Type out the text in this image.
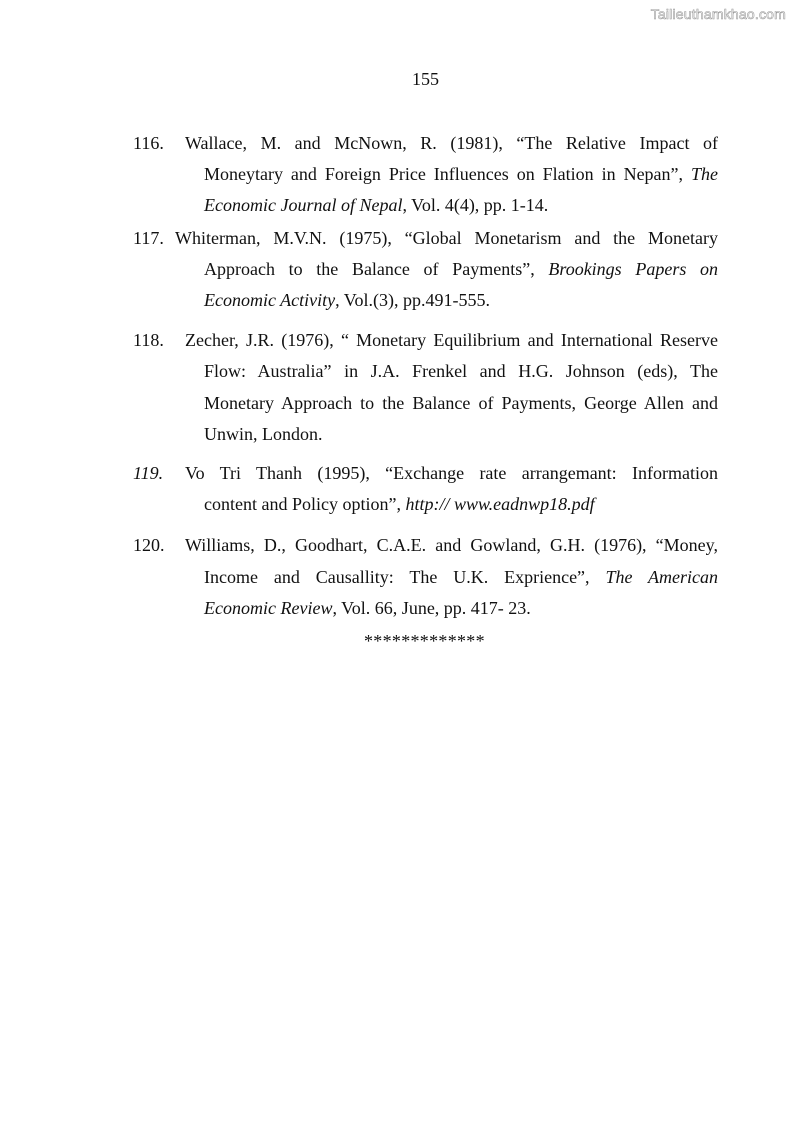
Tailieuthamkhao.com
155
116. Wallace, M. and McNown, R. (1981), “The Relative Impact of
Moneytary and Foreign Price Influences on Flation in Nepan”, The
Economic Journal of Nepal, Vol. 4(4), pp. 1-14.
117. Whiterman, M.V.N. (1975), “Global Monetarism and the Monetary
Approach to the Balance of Payments”, Brookings Papers on
Economic Activity, Vol.(3), pp.491-555.
118. Zecher, J.R. (1976), “ Monetary Equilibrium and International Reserve
Flow: Australia” in J.A. Frenkel and H.G. Johnson (eds), The
Monetary Approach to the Balance of Payments, George Allen and
Unwin, London.
119. Vo Tri Thanh (1995), “Exchange rate arrangemant: Information
content and Policy option”, http:// www.eadnwp18.pdf
120. Williams, D., Goodhart, C.A.E. and Gowland, G.H. (1976), “Money,
Income and Causallity: The U.K. Exprience”, The American
Economic Review, Vol. 66, June, pp. 417- 23.
*************
